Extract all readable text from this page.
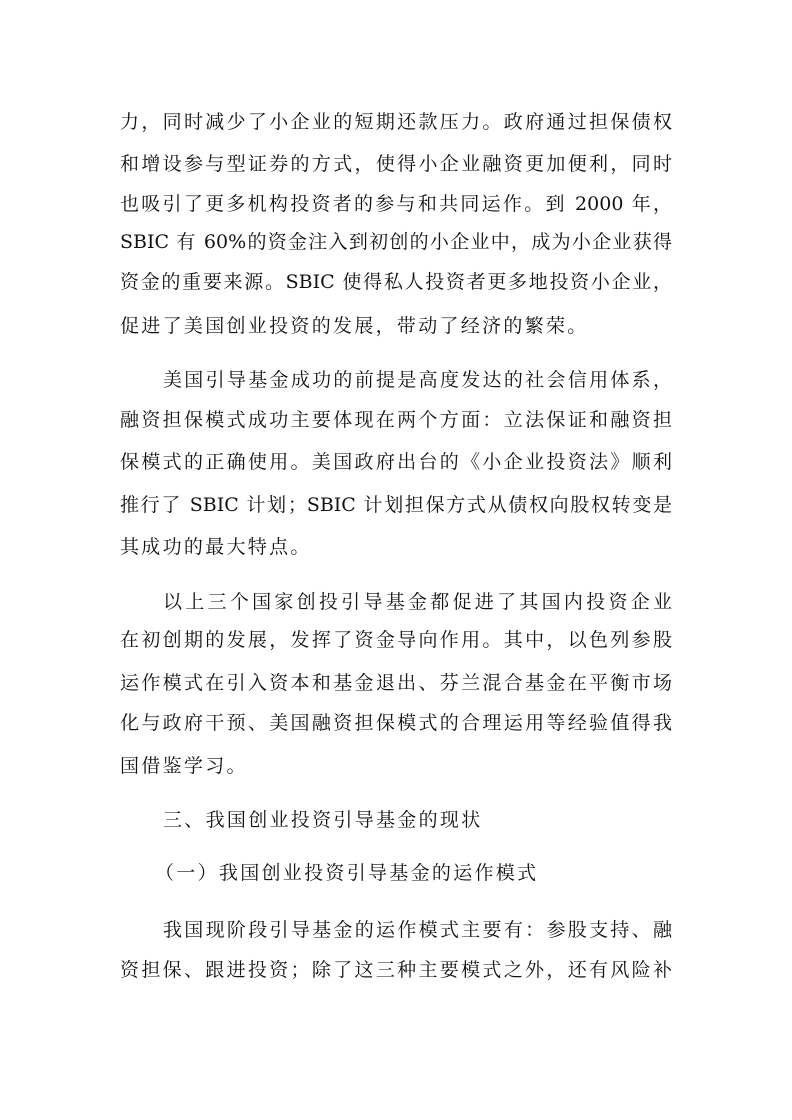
力，同时减少了小企业的短期还款压力。政府通过担保债权
和增设参与型证券的方式，使得小企业融资更加便利，同时
也吸引了更多机构投资者的参与和共同运作。到 2000 年，
SBIC 有 60%的资金注入到初创的小企业中，成为小企业获得
资金的重要来源。SBIC 使得私人投资者更多地投资小企业，
促进了美国创业投资的发展，带动了经济的繁荣。
美国引导基金成功的前提是高度发达的社会信用体系，
融资担保模式成功主要体现在两个方面：立法保证和融资担
保模式的正确使用。美国政府出台的《小企业投资法》顺利
推行了 SBIC 计划；SBIC 计划担保方式从债权向股权转变是
其成功的最大特点。
以上三个国家创投引导基金都促进了其国内投资企业
在初创期的发展，发挥了资金导向作用。其中，以色列参股
运作模式在引入资本和基金退出、芬兰混合基金在平衡市场
化与政府干预、美国融资担保模式的合理运用等经验值得我
国借鉴学习。
三、我国创业投资引导基金的现状
（一）我国创业投资引导基金的运作模式
我国现阶段引导基金的运作模式主要有：参股支持、融
资担保、跟进投资；除了这三种主要模式之外，还有风险补
